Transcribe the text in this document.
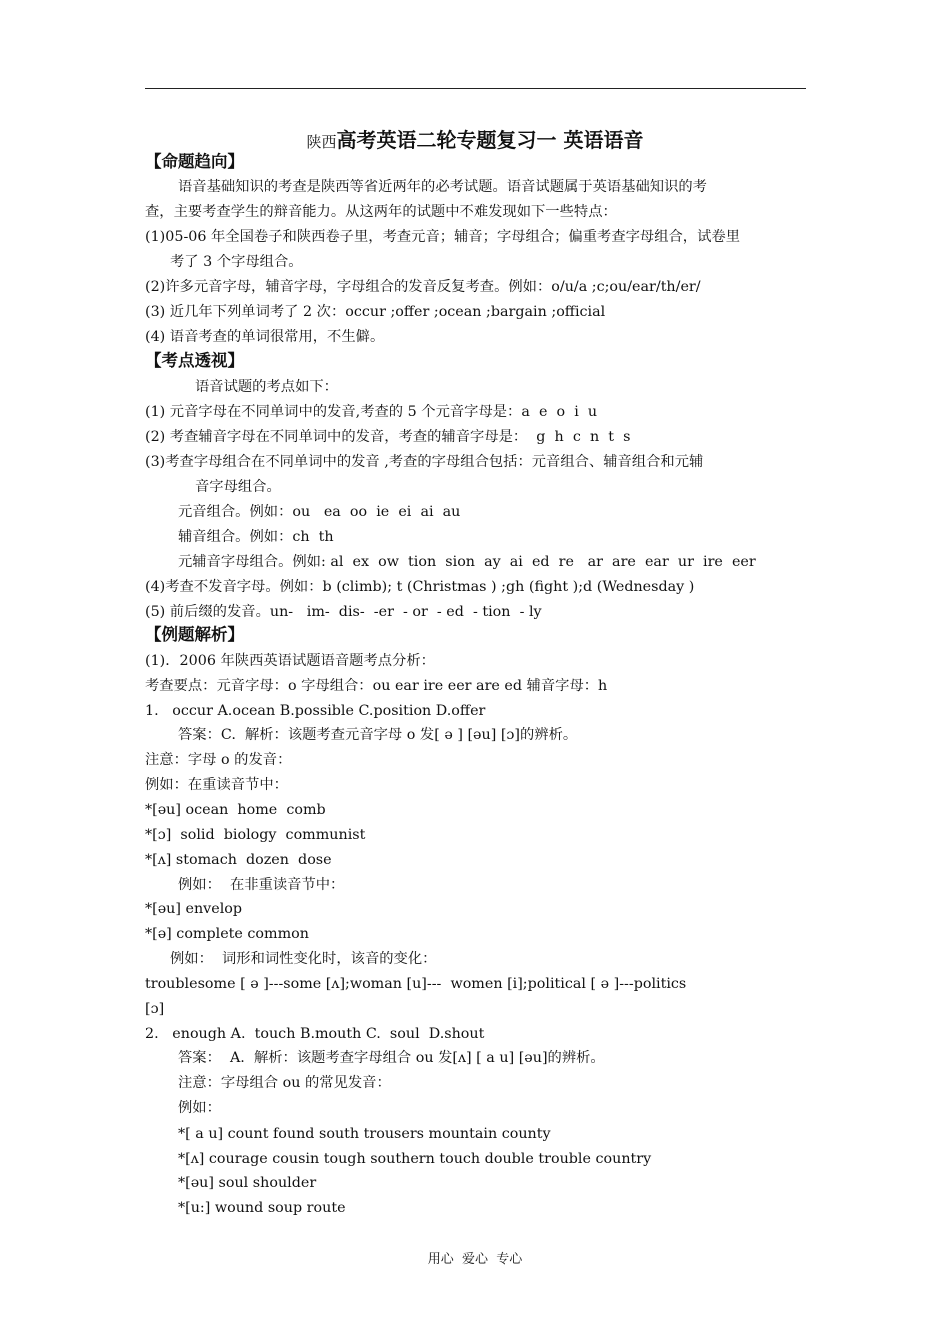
陕西高考英语二轮专题复习一 英语语音
【命题趋向】
语音基础知识的考查是陕西等省近两年的必考试题。语音试题属于英语基础知识的考
查，主要考查学生的辩音能力。从这两年的试题中不难发现如下一些特点：
(1)05-06 年全国卷子和陕西卷子里，考查元音；辅音；字母组合；偏重考查字母组合，试卷里
考了 3 个字母组合。
(2)许多元音字母，辅音字母，字母组合的发音反复考查。例如：o/u/a ;c;ou/ear/th/er/
(3) 近几年下列单词考了 2 次：occur ;offer ;ocean ;bargain ;official
(4) 语音考查的单词很常用，不生僻。
【考点透视】
语音试题的考点如下：
(1) 元音字母在不同单词中的发音,考查的 5 个元音字母是：a  e  o  i  u
(2) 考查辅音字母在不同单词中的发音，考查的辅音字母是：  g  h  c  n  t  s
(3)考查字母组合在不同单词中的发音 ,考查的字母组合包括：元音组合、辅音组合和元辅
音字母组合。
元音组合。例如：ou   ea  oo  ie  ei  ai  au
辅音组合。例如：ch  th
元辅音字母组合。例如: al  ex  ow  tion  sion  ay  ai  ed  re   ar  are  ear  ur  ire  eer
(4)考查不发音字母。例如：b (climb); t (Christmas ) ;gh (fight );d (Wednesday )
(5) 前后缀的发音。un-   im-  dis-  -er  - or  - ed  - tion  - ly
【例题解析】
(1)．2006 年陕西英语试题语音题考点分析：
考查要点：元音字母：o 字母组合：ou ear ire eer are ed 辅音字母：h
1.   occur A.ocean B.possible C.position D.offer
答案：C.  解析：该题考查元音字母 o 发[ ə ] [əu] [ɔ]的辨析。
注意：字母 o 的发音：
例如：在重读音节中：
*[əu] ocean  home  comb
*[ɔ]  solid  biology  communist
*[ʌ] stomach  dozen  dose
例如：  在非重读音节中：
*[əu] envelop
*[ə] complete common
例如：  词形和词性变化时，该音的变化：
troublesome [ ə ]---some [ʌ];woman [u]---  women [i];political [ ə ]---politics
[ɔ]
2.   enough A.  touch B.mouth C.  soul  D.shout
答案：  A.  解析：该题考查字母组合 ou 发[ʌ] [ a u] [əu]的辨析。
注意：字母组合 ou 的常见发音：
例如：
*[ a u] count found south trousers mountain county
*[ʌ] courage cousin tough southern touch double trouble country
*[əu] soul shoulder
*[u:] wound soup route
用心  爱心  专心
